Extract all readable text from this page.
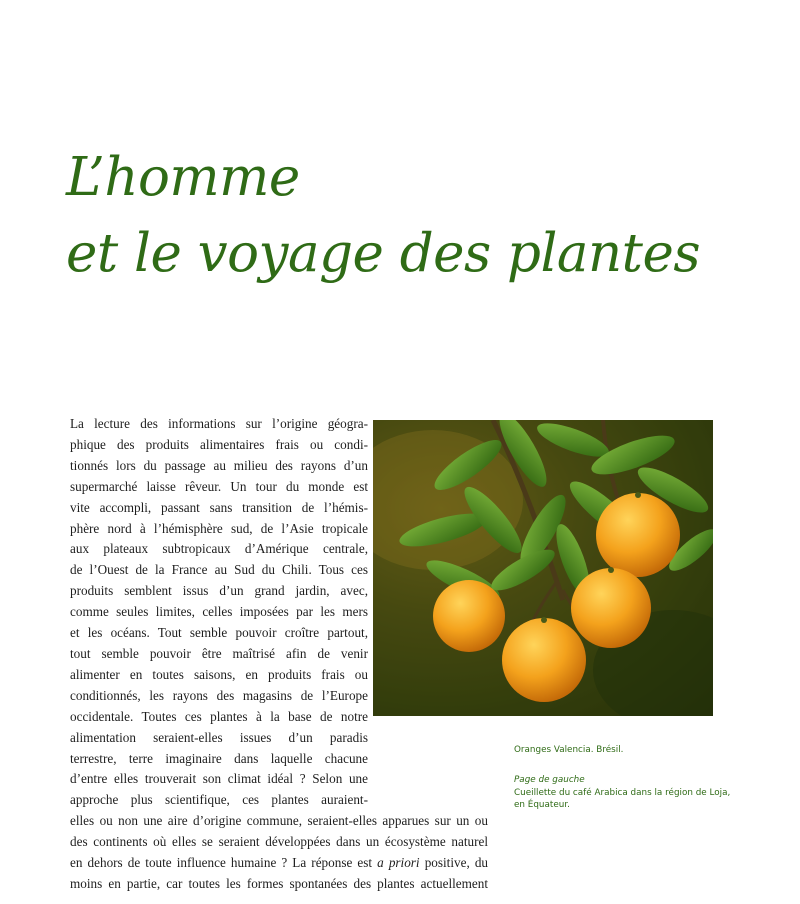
L’homme
et le voyage des plantes
La lecture des informations sur l’origine géogra-
phique des produits alimentaires frais ou condi-
tionnés lors du passage au milieu des rayons d’un
supermarché laisse rêveur. Un tour du monde est
vite accompli, passant sans transition de l’hémis-
phère nord à l’hémisphère sud, de l’Asie tropicale
aux plateaux subtropicaux d’Amérique centrale,
de l’Ouest de la France au Sud du Chili. Tous ces
produits semblent issus d’un grand jardin, avec,
comme seules limites, celles imposées par les mers
et les océans. Tout semble pouvoir croître partout,
tout semble pouvoir être maîtrisé afin de venir
alimenter en toutes saisons, en produits frais ou
conditionnés, les rayons des magasins de l’Europe
occidentale. Toutes ces plantes à la base de notre
alimentation seraient-elles issues d’un paradis
terrestre, terre imaginaire dans laquelle chacune
d’entre elles trouverait son climat idéal ? Selon une
approche plus scientifique, ces plantes auraient-
elles ou non une aire d’origine commune, seraient-elles apparues sur un ou
des continents où elles se seraient développées dans un écosystème naturel
en dehors de toute influence humaine ? La réponse est a priori positive, du
moins en partie, car toutes les formes spontanées des plantes actuellement
Oranges Valencia. Brésil.
Page de gauche
Cueillette du café Arabica dans la région de Loja,
en Équateur.
